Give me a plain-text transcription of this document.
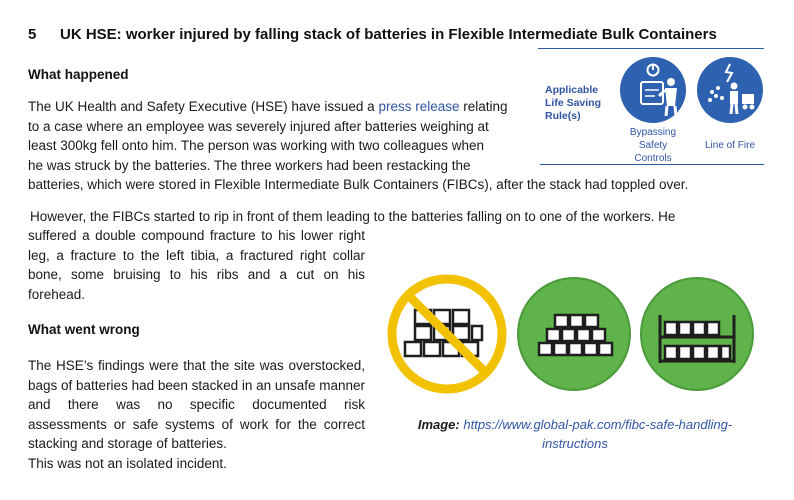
5 UK HSE: worker injured by falling stack of batteries in Flexible Intermediate Bulk Containers
What happened
The UK Health and Safety Executive (HSE) have issued a press release relating
to a case where an employee was severely injured after batteries weighing at
least 300kg fell onto him. The person was working with two colleagues when
he was struck by the batteries. The three workers had been restacking the
batteries, which were stored in Flexible Intermediate Bulk Containers (FIBCs), after the stack had toppled over.
However, the FIBCs started to rip in front of them leading to the batteries falling on to one of the workers. He
suffered a double compound fracture to his lower right leg, a fracture to the left tibia, a fractured right collar bone, some bruising to his ribs and a cut on his forehead.
Applicable Life Saving Rule(s)
Bypassing Safety Controls
Line of Fire
What went wrong
The HSE’s findings were that the site was overstocked, bags of batteries had been stacked in an unsafe manner and there was no specific documented risk assessments or safe systems of work for the correct stacking and storage of batteries.
This was not an isolated incident.
Image: https://www.global-pak.com/fibc-safe-handling-
instructions
